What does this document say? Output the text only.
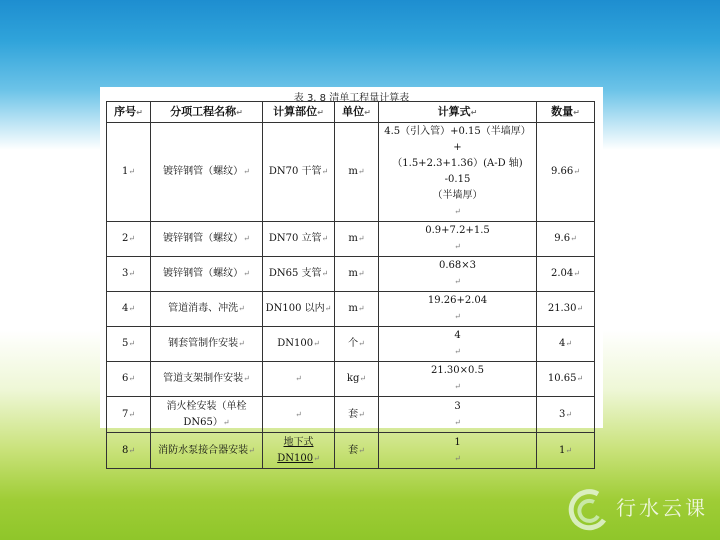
表 3. 8 清单工程量计算表
序号↵	分项工程名称↵	计算部位↵	单位↵	计算式↵	数量↵
1↵	镀锌钢管（螺纹）↵	DN70 干管↵	m↵	4.5（引入管）+0.15（半墙厚）+
（1.5+2.3+1.36）(A-D 轴) -0.15
（半墙厚）
↵	9.66↵
2↵	镀锌钢管（螺纹）↵	DN70 立管↵	m↵	0.9+7.2+1.5
↵	9.6↵
3↵	镀锌钢管（螺纹）↵	DN65 支管↵	m↵	0.68×3
↵	2.04↵
4↵	管道消毒、冲洗↵	DN100 以内↵	m↵	19.26+2.04
↵	21.30↵
5↵	钢套管制作安装↵	DN100↵	个↵	4
↵	4↵
6↵	管道支架制作安装↵	↵	kg↵	21.30×0.5
↵	10.65↵
7↵	消火栓安装（单栓 DN65）↵	↵	套↵	3
↵	3↵
8↵	消防水泵接合器安装↵	地下式 DN100↵	套↵	1
↵	1↵
行水云课
